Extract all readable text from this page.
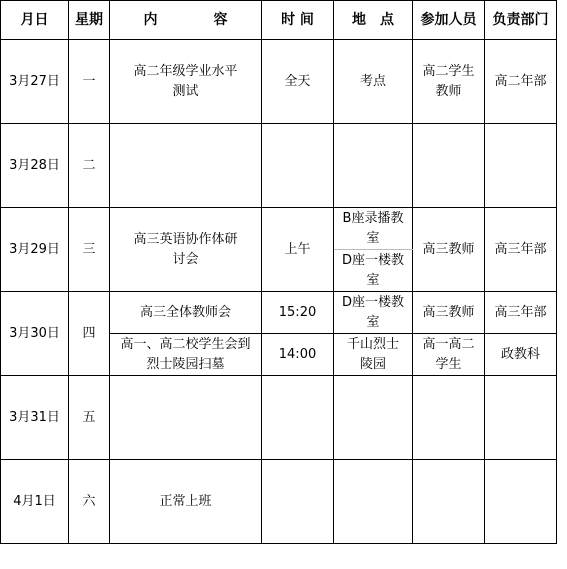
月日	星期	内　　　　容	时 间	地　点	参加人员	负责部门
3月27日	一	高二年级学业水平测试	全天	考点	高二学生教师	高二年部
3月28日	二					
3月29日	三	高三英语协作体研讨会	上午	B座录播教室	高三教师	高三年部
				D座一楼教室		
3月30日	四	高三全体教师会	15:20	D座一楼教室	高三教师	高三年部
		高一、高二校学生会到烈士陵园扫墓	14:00	千山烈士陵园	高一高二学生	政教科
3月31日	五					
4月1日	六	正常上班				
